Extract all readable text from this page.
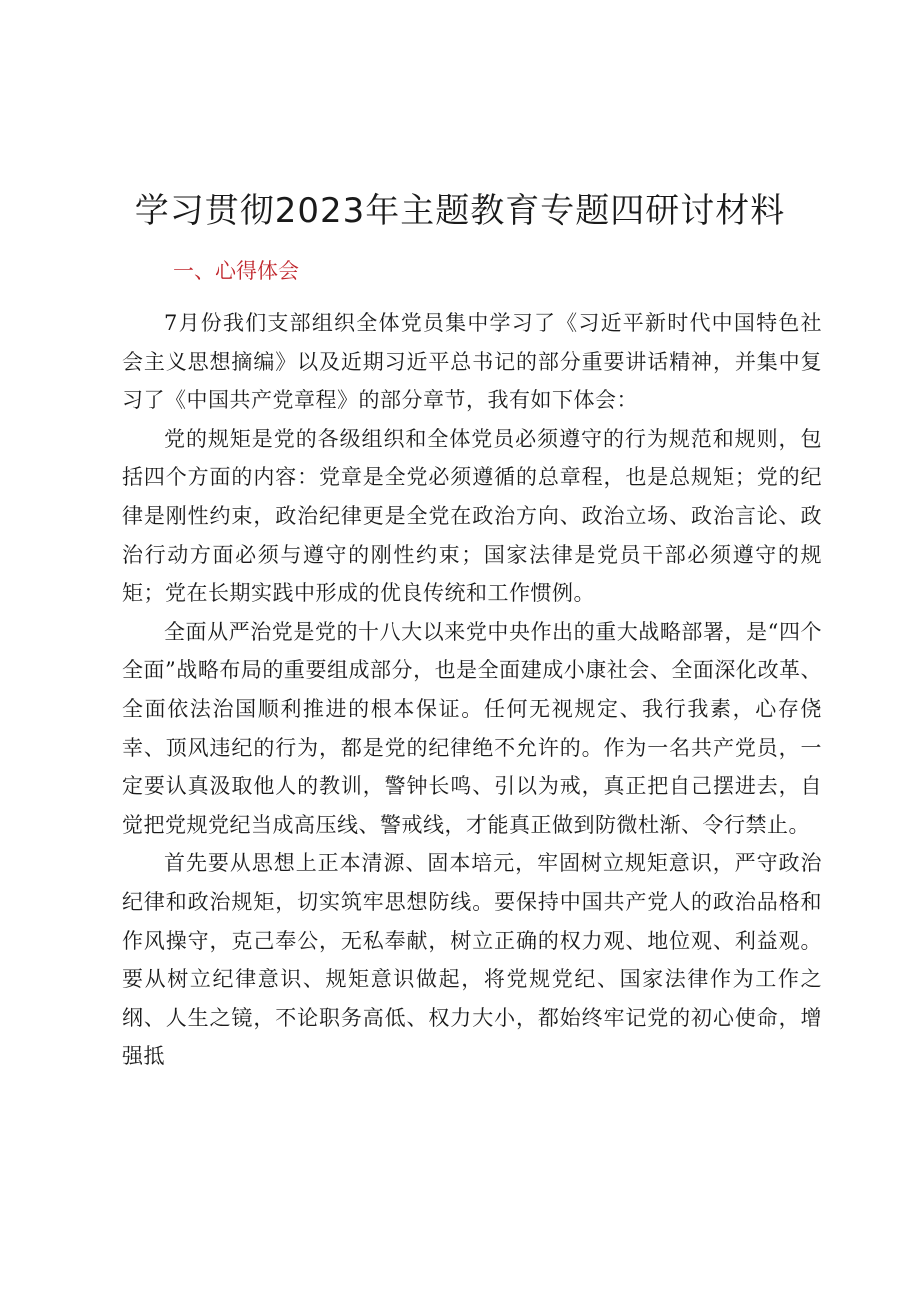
学习贯彻2023年主题教育专题四研讨材料
一、心得体会

7月份我们支部组织全体党员集中学习了《习近平新时代中国特色社会主义思想摘编》以及近期习近平总书记的部分重要讲话精神，并集中复习了《中国共产党章程》的部分章节，我有如下体会：

党的规矩是党的各级组织和全体党员必须遵守的行为规范和规则，包括四个方面的内容：党章是全党必须遵循的总章程，也是总规矩；党的纪律是刚性约束，政治纪律更是全党在政治方向、政治立场、政治言论、政治行动方面必须与遵守的刚性约束；国家法律是党员干部必须遵守的规矩；党在长期实践中形成的优良传统和工作惯例。

全面从严治党是党的十八大以来党中央作出的重大战略部署，是“四个全面”战略布局的重要组成部分，也是全面建成小康社会、全面深化改革、全面依法治国顺利推进的根本保证。任何无视规定、我行我素，心存侥幸、顶风违纪的行为，都是党的纪律绝不允许的。作为一名共产党员，一定要认真汲取他人的教训，警钟长鸣、引以为戒，真正把自己摆进去，自觉把党规党纪当成高压线、警戒线，才能真正做到防微杜渐、令行禁止。

首先要从思想上正本清源、固本培元，牢固树立规矩意识，严守政治纪律和政治规矩，切实筑牢思想防线。要保持中国共产党人的政治品格和作风操守，克己奉公，无私奉献，树立正确的权力观、地位观、利益观。要从树立纪律意识、规矩意识做起，将党规党纪、国家法律作为工作之纲、人生之镜，不论职务高低、权力大小，都始终牢记党的初心使命，增强抵
